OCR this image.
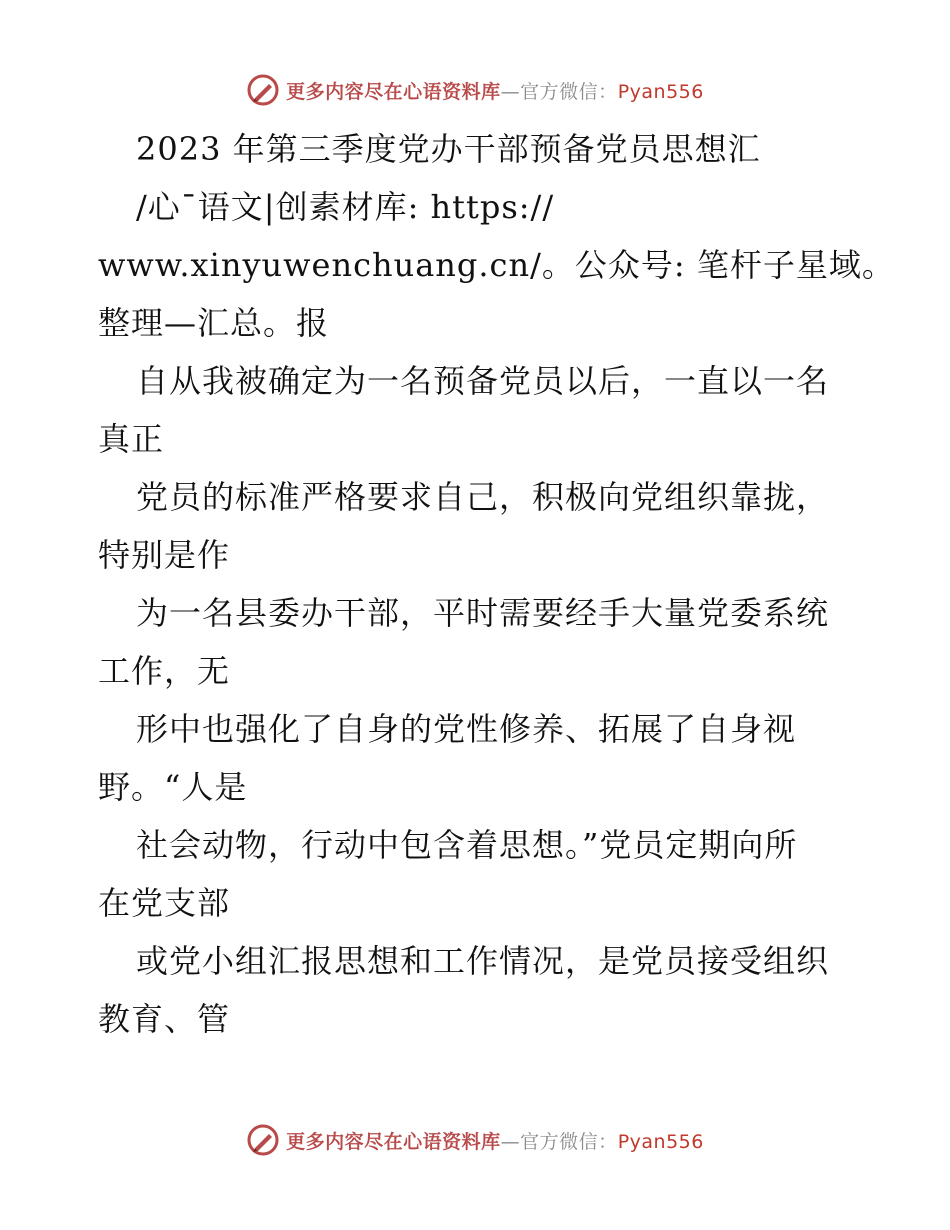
更多内容尽在心语资料库—官方微信：Pyan556
2023 年第三季度党办干部预备党员思想汇
/心¯语文|创素材库: https://
www.xinyuwenchuang.cn/。公众号: 笔杆子星域。
整理—汇总。报
自从我被确定为一名预备党员以后，一直以一名
真正
党员的标准严格要求自己，积极向党组织靠拢，
特别是作
为一名县委办干部，平时需要经手大量党委系统
工作，无
形中也强化了自身的党性修养、拓展了自身视
野。“人是
社会动物，行动中包含着思想。”党员定期向所
在党支部
或党小组汇报思想和工作情况，是党员接受组织
教育、管
更多内容尽在心语资料库—官方微信：Pyan556
